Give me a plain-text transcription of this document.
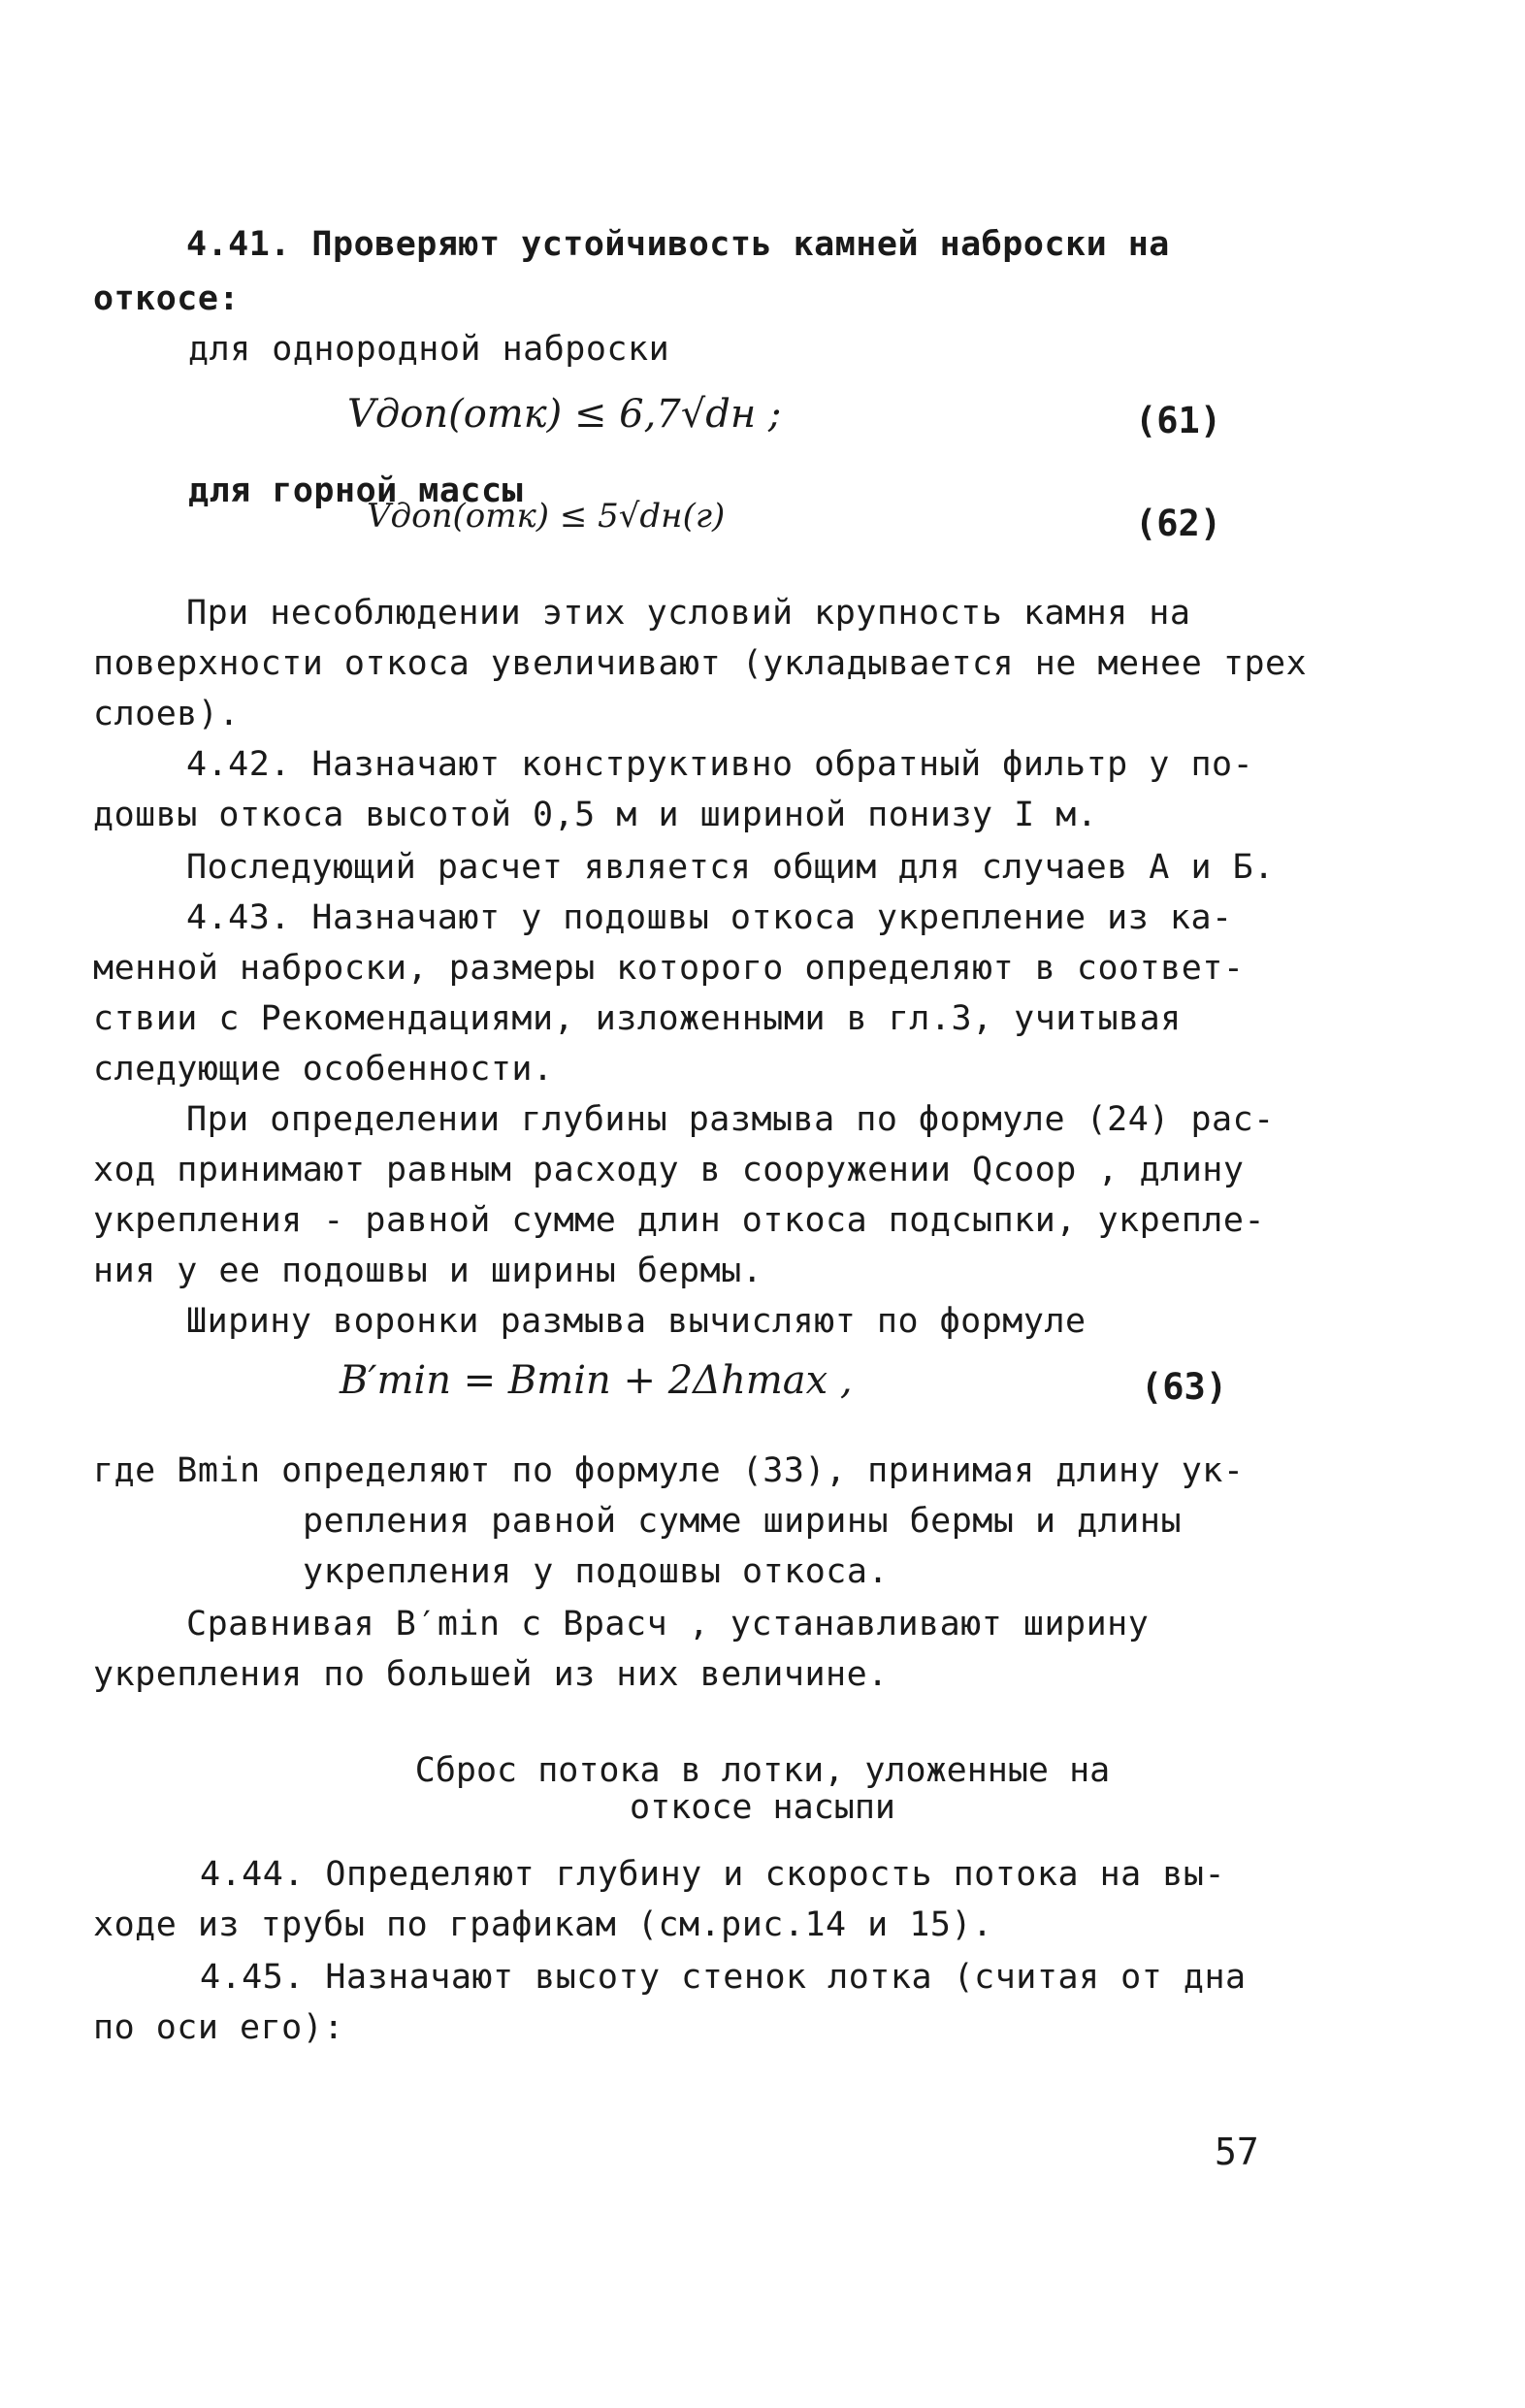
4.41. Проверяют устойчивость камней наброски на
откосе:
для однородной наброски
Vдоп(отк) ≤ 6,7√dн ;	(61)
для горной массы
Vдоп(отк) ≤ 5√dн(г)	(62)
При несоблюдении этих условий крупность камня на
поверхности откоса увеличивают (укладывается не менее трех
слоев).
4.42. Назначают конструктивно обратный фильтр у по-
дошвы откоса высотой 0,5 м и шириной понизу I м.
Последующий расчет является общим для случаев А и Б.
4.43. Назначают у подошвы откоса укрепление из ка-
менной наброски, размеры которого определяют в соответ-
ствии с Рекомендациями, изложенными в гл.3, учитывая
следующие особенности.
При определении глубины размыва по формуле (24) рас-
ход принимают равным расходу в сооружении Qсоор , длину
укрепления - равной сумме длин откоса подсыпки, укрепле-
ния у ее подошвы и ширины бермы.
Ширину воронки размыва вычисляют по формуле
B′min = Bmin + 2Δhmax ,	(63)
где Bmin определяют по формуле (33), принимая длину ук-
репления равной сумме ширины бермы и длины
укрепления у подошвы откоса.
Сравнивая B′min с Bрасч , устанавливают ширину
укрепления по большей из них величине.
Сброс потока в лотки, уложенные на
откосе насыпи
4.44. Определяют глубину и скорость потока на вы-
ходе из трубы по графикам (см.рис.14 и 15).
4.45. Назначают высоту стенок лотка (считая от дна
по оси его):
57
